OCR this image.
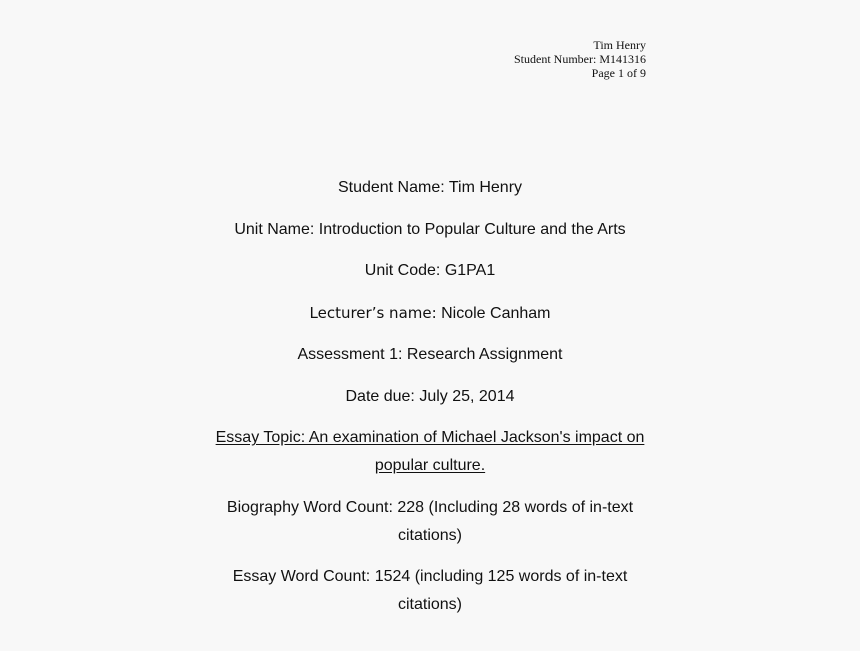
Tim Henry
Student Number: M141316
Page 1 of 9

Student Name: Tim Henry

Unit Name: Introduction to Popular Culture and the Arts

Unit Code: G1PA1

Lecturer’s name: Nicole Canham

Assessment 1: Research Assignment

Date due: July 25, 2014

Essay Topic: An examination of Michael Jackson's impact on popular culture.

Biography Word Count: 228 (Including 28 words of in-text citations)

Essay Word Count: 1524 (including 125 words of in-text citations)
